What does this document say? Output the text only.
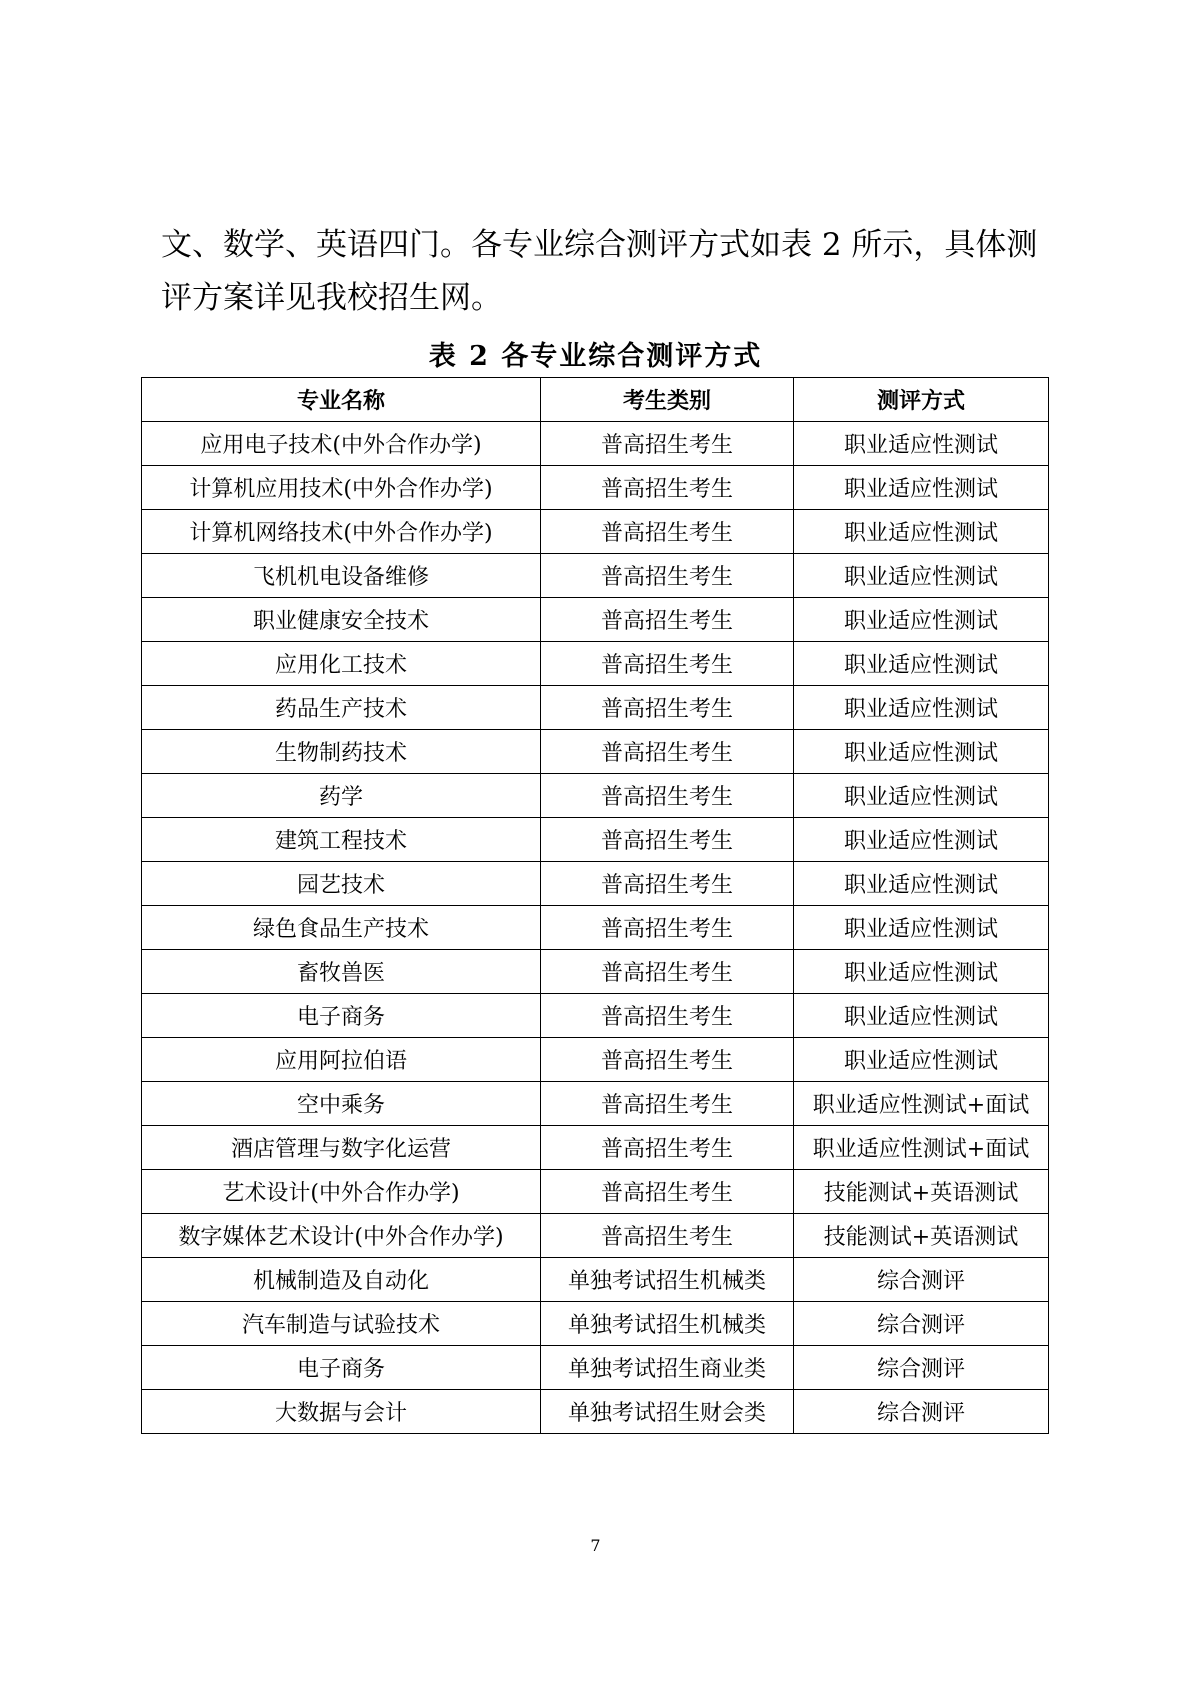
文、数学、英语四门。各专业综合测评方式如表 2 所示，具体测
评方案详见我校招生网。
表 2 各专业综合测评方式
专业名称	考生类别	测评方式
应用电子技术(中外合作办学)	普高招生考生	职业适应性测试
计算机应用技术(中外合作办学)	普高招生考生	职业适应性测试
计算机网络技术(中外合作办学)	普高招生考生	职业适应性测试
飞机机电设备维修	普高招生考生	职业适应性测试
职业健康安全技术	普高招生考生	职业适应性测试
应用化工技术	普高招生考生	职业适应性测试
药品生产技术	普高招生考生	职业适应性测试
生物制药技术	普高招生考生	职业适应性测试
药学	普高招生考生	职业适应性测试
建筑工程技术	普高招生考生	职业适应性测试
园艺技术	普高招生考生	职业适应性测试
绿色食品生产技术	普高招生考生	职业适应性测试
畜牧兽医	普高招生考生	职业适应性测试
电子商务	普高招生考生	职业适应性测试
应用阿拉伯语	普高招生考生	职业适应性测试
空中乘务	普高招生考生	职业适应性测试+面试
酒店管理与数字化运营	普高招生考生	职业适应性测试+面试
艺术设计(中外合作办学)	普高招生考生	技能测试+英语测试
数字媒体艺术设计(中外合作办学)	普高招生考生	技能测试+英语测试
机械制造及自动化	单独考试招生机械类	综合测评
汽车制造与试验技术	单独考试招生机械类	综合测评
电子商务	单独考试招生商业类	综合测评
大数据与会计	单独考试招生财会类	综合测评
7
